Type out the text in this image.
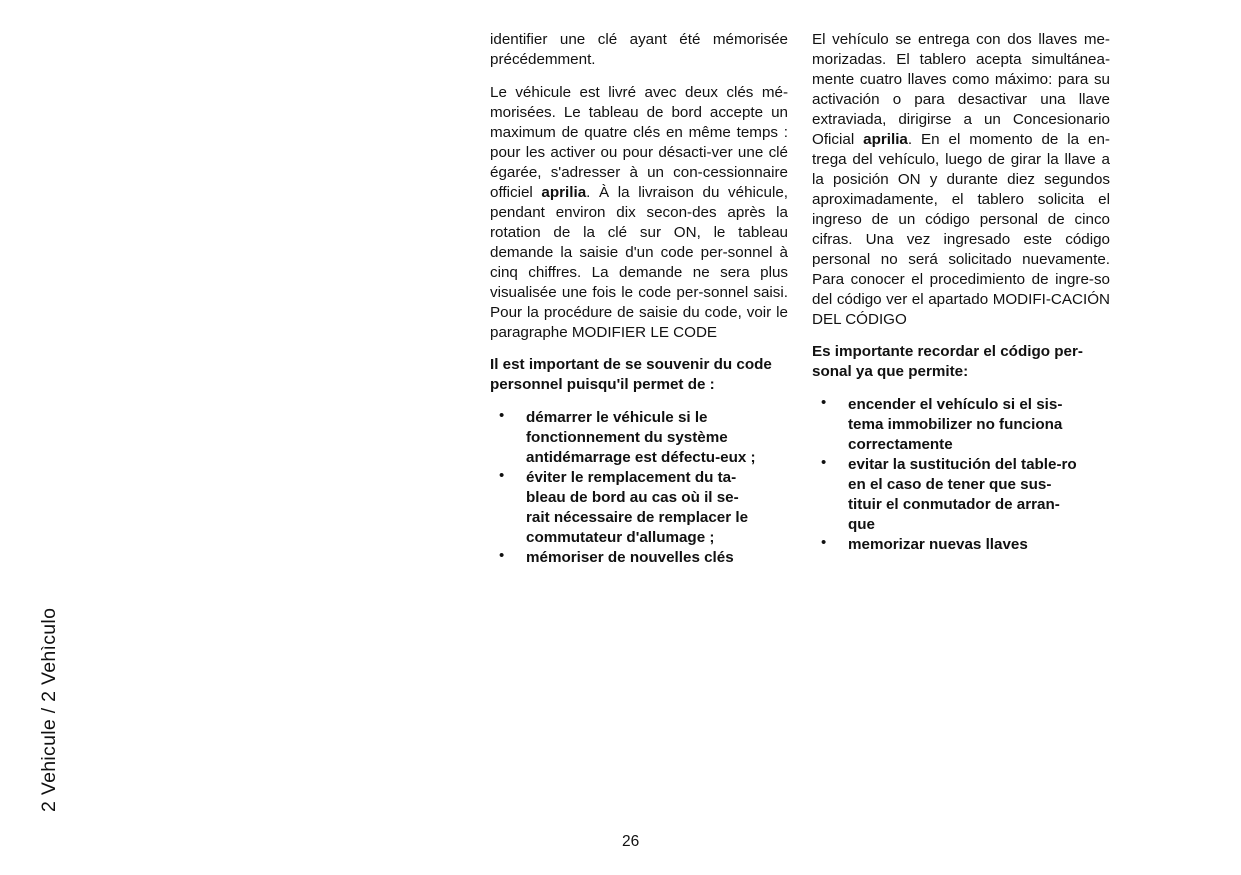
2 Vehicule / 2 Vehìculo

identifier une clé ayant été mémorisée précédemment.

Le véhicule est livré avec deux clés mé-morisées. Le tableau de bord accepte un maximum de quatre clés en même temps : pour les activer ou pour désacti-ver une clé égarée, s'adresser à un con-cessionnaire officiel aprilia. À la livraison du véhicule, pendant environ dix secon-des après la rotation de la clé sur ON, le tableau demande la saisie d'un code per-sonnel à cinq chiffres. La demande ne sera plus visualisée une fois le code per-sonnel saisi. Pour la procédure de saisie du code, voir le paragraphe MODIFIER LE CODE

Il est important de se souvenir du code personnel puisqu'il permet de :

• démarrer le véhicule si le fonctionnement du système antidémarrage est défectu-eux ;
• éviter le remplacement du ta-bleau de bord au cas où il se-rait nécessaire de remplacer le commutateur d'allumage ;
• mémoriser de nouvelles clés

El vehículo se entrega con dos llaves me-morizadas. El tablero acepta simultánea-mente cuatro llaves como máximo: para su activación o para desactivar una llave extraviada, dirigirse a un Concesionario Oficial aprilia. En el momento de la en-trega del vehículo, luego de girar la llave a la posición ON y durante diez segundos aproximadamente, el tablero solicita el ingreso de un código personal de cinco cifras. Una vez ingresado este código personal no será solicitado nuevamente. Para conocer el procedimiento de ingre-so del código ver el apartado MODIFI-CACIÓN DEL CÓDIGO

Es importante recordar el código per-sonal ya que permite:

• encender el vehículo si el sis-tema immobilizer no funciona correctamente
• evitar la sustitución del table-ro en el caso de tener que sus-tituir el conmutador de arran-que
• memorizar nuevas llaves
26
